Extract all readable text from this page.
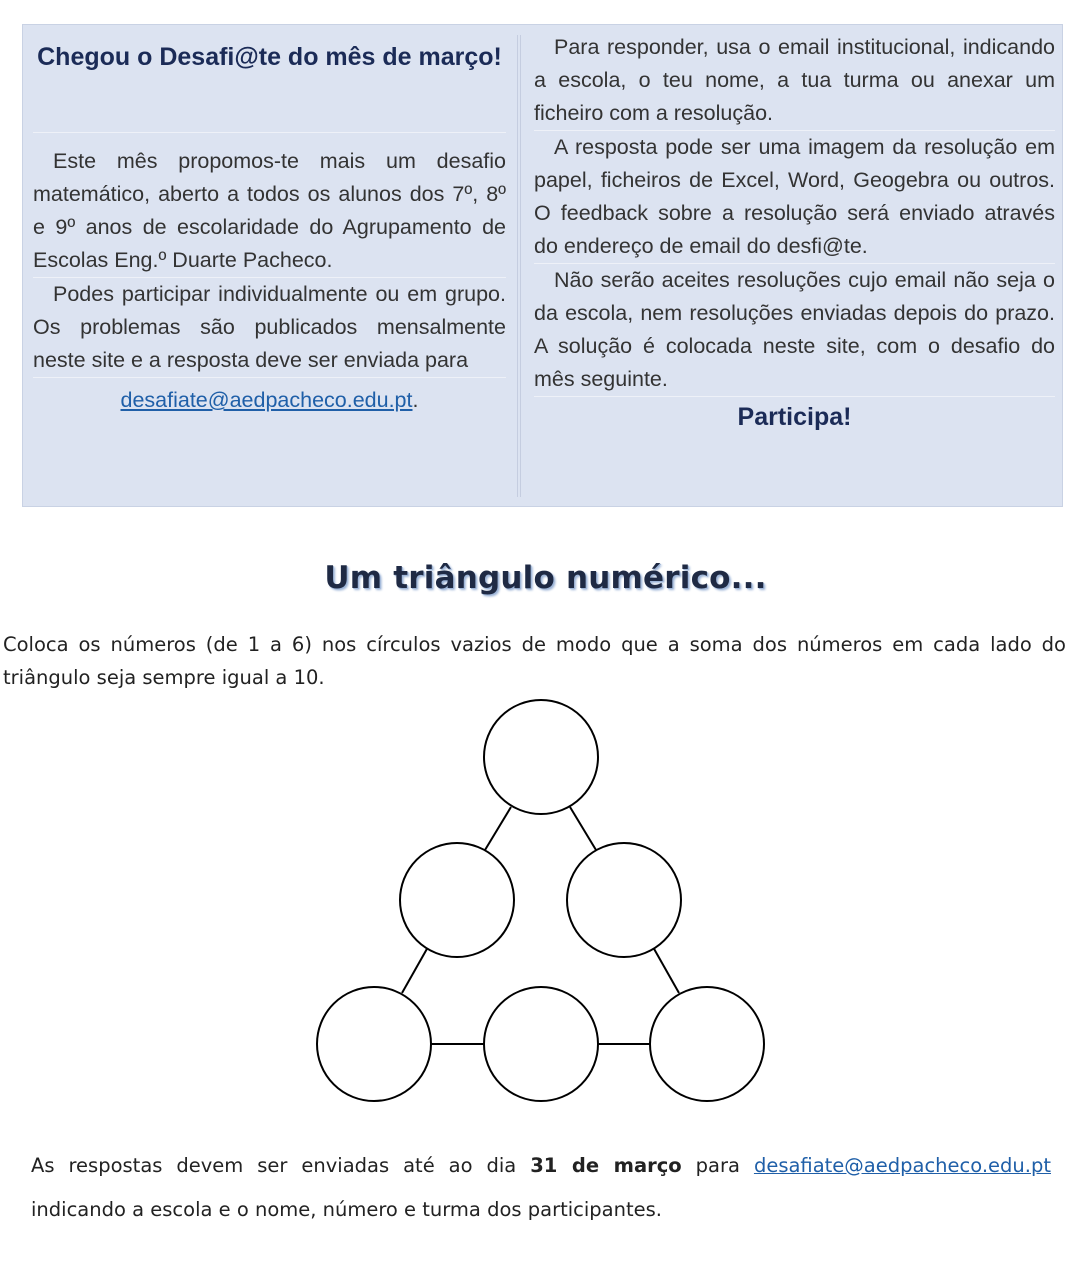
Chegou o Desafi@te do mês de março!

Este mês propomos-te mais um desafio matemático, aberto a todos os alunos dos 7º, 8º e 9º anos de escolaridade do Agrupamento de Escolas Eng.º Duarte Pacheco.

Podes participar individualmente ou em grupo. Os problemas são publicados mensalmente neste site e a resposta deve ser enviada para

desafiate@aedpacheco.edu.pt.

Para responder, usa o email institucional, indicando a escola, o teu nome, a tua turma ou anexar um ficheiro com a resolução.

A resposta pode ser uma imagem da resolução em papel, ficheiros de Excel, Word, Geogebra ou outros. O feedback sobre a resolução será enviado através do endereço de email do desfi@te.

Não serão aceites resoluções cujo email não seja o da escola, nem resoluções enviadas depois do prazo. A solução é colocada neste site, com o desafio do mês seguinte.

Participa!

Um triângulo numérico...

Coloca os números (de 1 a 6) nos círculos vazios de modo que a soma dos números em cada lado do triângulo seja sempre igual a 10.

As respostas devem ser enviadas até ao dia 31 de março para desafiate@aedpacheco.edu.pt indicando a escola e o nome, número e turma dos participantes.
